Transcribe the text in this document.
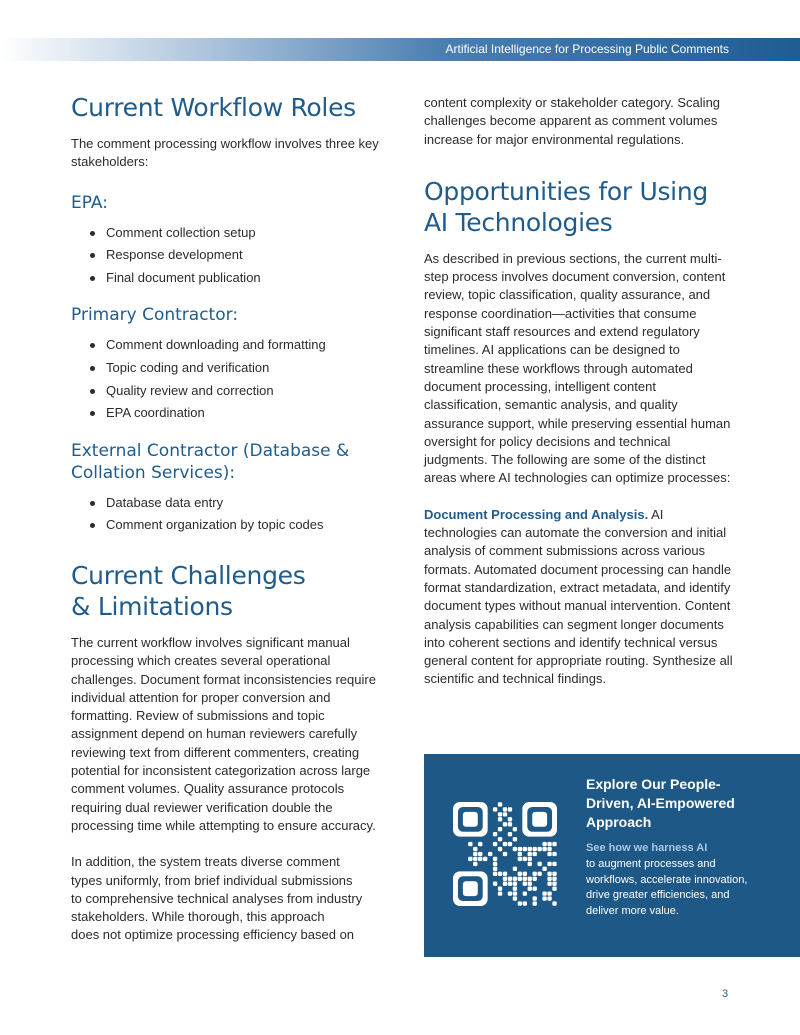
Artificial Intelligence for Processing Public Comments
Current Workflow Roles

The comment processing workflow involves three key stakeholders:

EPA:
Comment collection setup
Response development
Final document publication
Primary Contractor:
Comment downloading and formatting
Topic coding and verification
Quality review and correction
EPA coordination
External Contractor (Database &
Collation Services):
Database data entry
Comment organization by topic codes
Current Challenges
& Limitations

The current workflow involves significant manual processing which creates several operational challenges. Document format inconsistencies require individual attention for proper conversion and formatting. Review of submissions and topic assignment depend on human reviewers carefully reviewing text from different commenters, creating potential for inconsistent categorization across large comment volumes. Quality assurance protocols requiring dual reviewer verification double the processing time while attempting to ensure accuracy.

In addition, the system treats diverse comment
types uniformly, from brief individual submissions
to comprehensive technical analyses from industry
stakeholders. While thorough, this approach
does not optimize processing efficiency based on

content complexity or stakeholder category. Scaling challenges become apparent as comment volumes increase for major environmental regulations.

Opportunities for Using
AI Technologies

As described in previous sections, the current multi-step process involves document conversion, content review, topic classification, quality assurance, and response coordination—activities that consume significant staff resources and extend regulatory timelines. AI applications can be designed to streamline these workflows through automated document processing, intelligent content classification, semantic analysis, and quality assurance support, while preserving essential human oversight for policy decisions and technical judgments. The following are some of the distinct areas where AI technologies can optimize processes:

Document Processing and Analysis. AI technologies can automate the conversion and initial analysis of comment submissions across various formats. Automated document processing can handle format standardization, extract metadata, and identify document types without manual intervention. Content analysis capabilities can segment longer documents into coherent sections and identify technical versus general content for appropriate routing. Synthesize all scientific and technical findings.

Explore Our People-Driven, AI-Empowered Approach
See how we harness AI
to augment processes and workflows, accelerate innovation, drive greater efficiencies, and deliver more value.
3
